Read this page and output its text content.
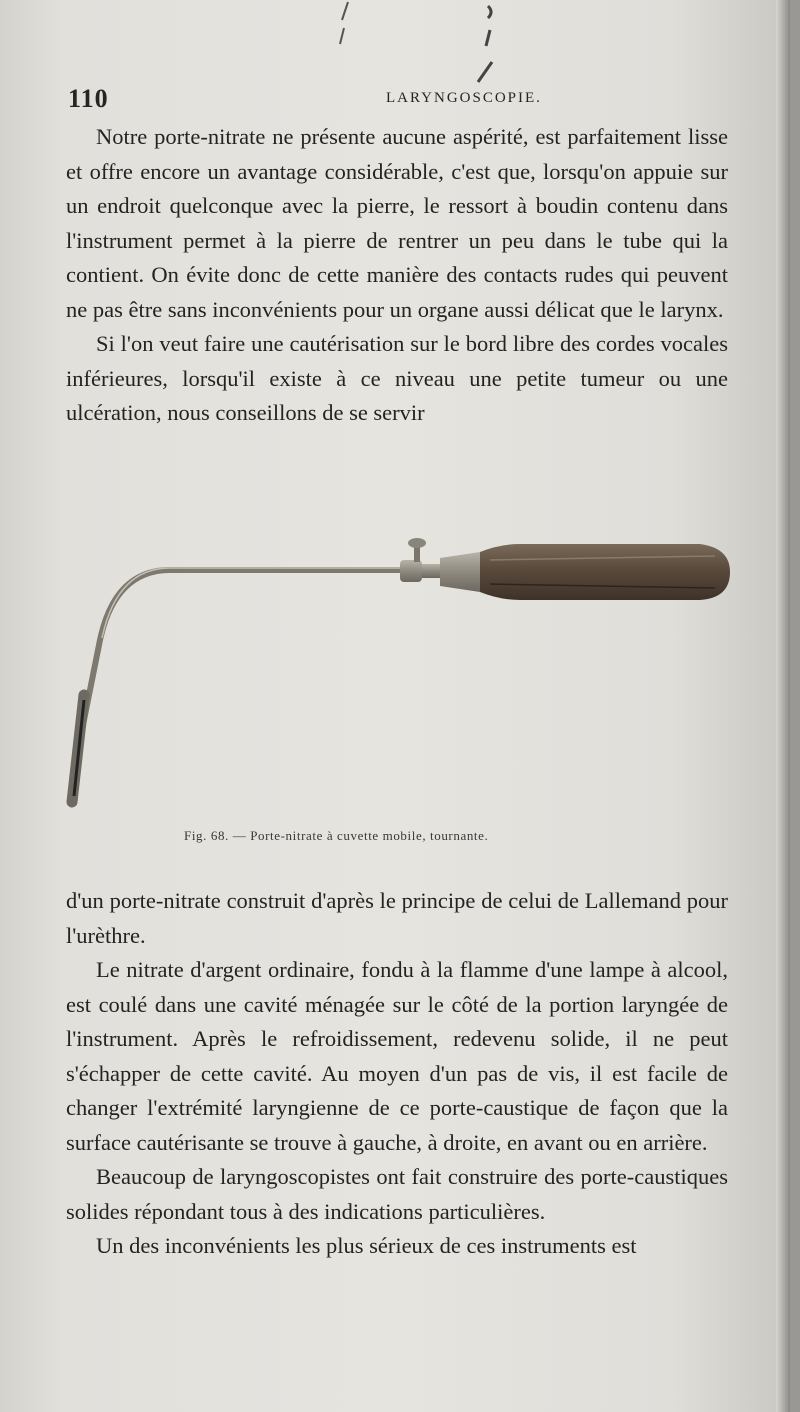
110	LARYNGOSCOPIE.

Notre porte-nitrate ne présente aucune aspérité, est parfaitement lisse et offre encore un avantage considérable, c'est que, lorsqu'on appuie sur un endroit quelconque avec la pierre, le ressort à boudin contenu dans l'instrument permet à la pierre de rentrer un peu dans le tube qui la contient. On évite donc de cette manière des contacts rudes qui peuvent ne pas être sans inconvénients pour un organe aussi délicat que le larynx.

Si l'on veut faire une cautérisation sur le bord libre des cordes vocales inférieures, lorsqu'il existe à ce niveau une petite tumeur ou une ulcération, nous conseillons de se servir

Fig. 68. — Porte-nitrate à cuvette mobile, tournante.

d'un porte-nitrate construit d'après le principe de celui de Lallemand pour l'urèthre.

Le nitrate d'argent ordinaire, fondu à la flamme d'une lampe à alcool, est coulé dans une cavité ménagée sur le côté de la portion laryngée de l'instrument. Après le refroidissement, redevenu solide, il ne peut s'échapper de cette cavité. Au moyen d'un pas de vis, il est facile de changer l'extrémité laryngienne de ce porte-caustique de façon que la surface cautérisante se trouve à gauche, à droite, en avant ou en arrière.

Beaucoup de laryngoscopistes ont fait construire des porte-caustiques solides répondant tous à des indications particulières.

Un des inconvénients les plus sérieux de ces instruments est
